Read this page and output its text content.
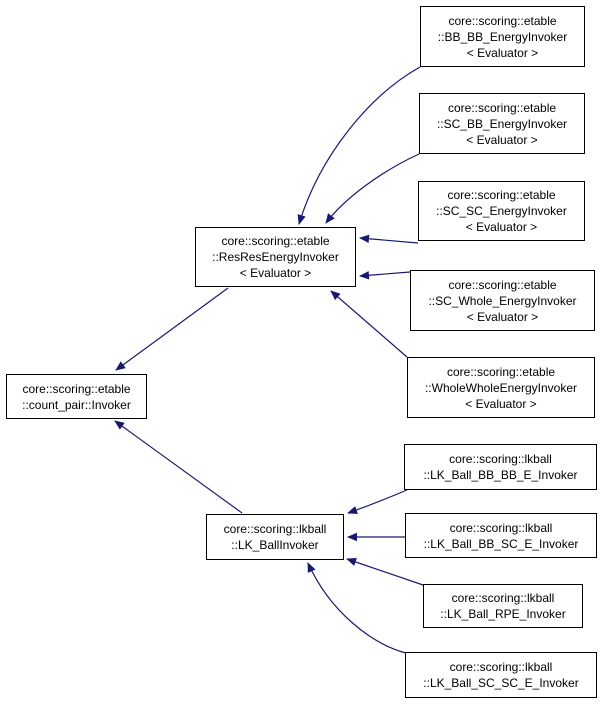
core::scoring::etable
::count_pair::Invoker
core::scoring::etable
::ResResEnergyInvoker
< Evaluator >
core::scoring::lkball
::LK_BallInvoker
core::scoring::etable
::BB_BB_EnergyInvoker
< Evaluator >
core::scoring::etable
::SC_BB_EnergyInvoker
< Evaluator >
core::scoring::etable
::SC_SC_EnergyInvoker
< Evaluator >
core::scoring::etable
::SC_Whole_EnergyInvoker
< Evaluator >
core::scoring::etable
::WholeWholeEnergyInvoker
< Evaluator >
core::scoring::lkball
::LK_Ball_BB_BB_E_Invoker
core::scoring::lkball
::LK_Ball_BB_SC_E_Invoker
core::scoring::lkball
::LK_Ball_RPE_Invoker
core::scoring::lkball
::LK_Ball_SC_SC_E_Invoker
